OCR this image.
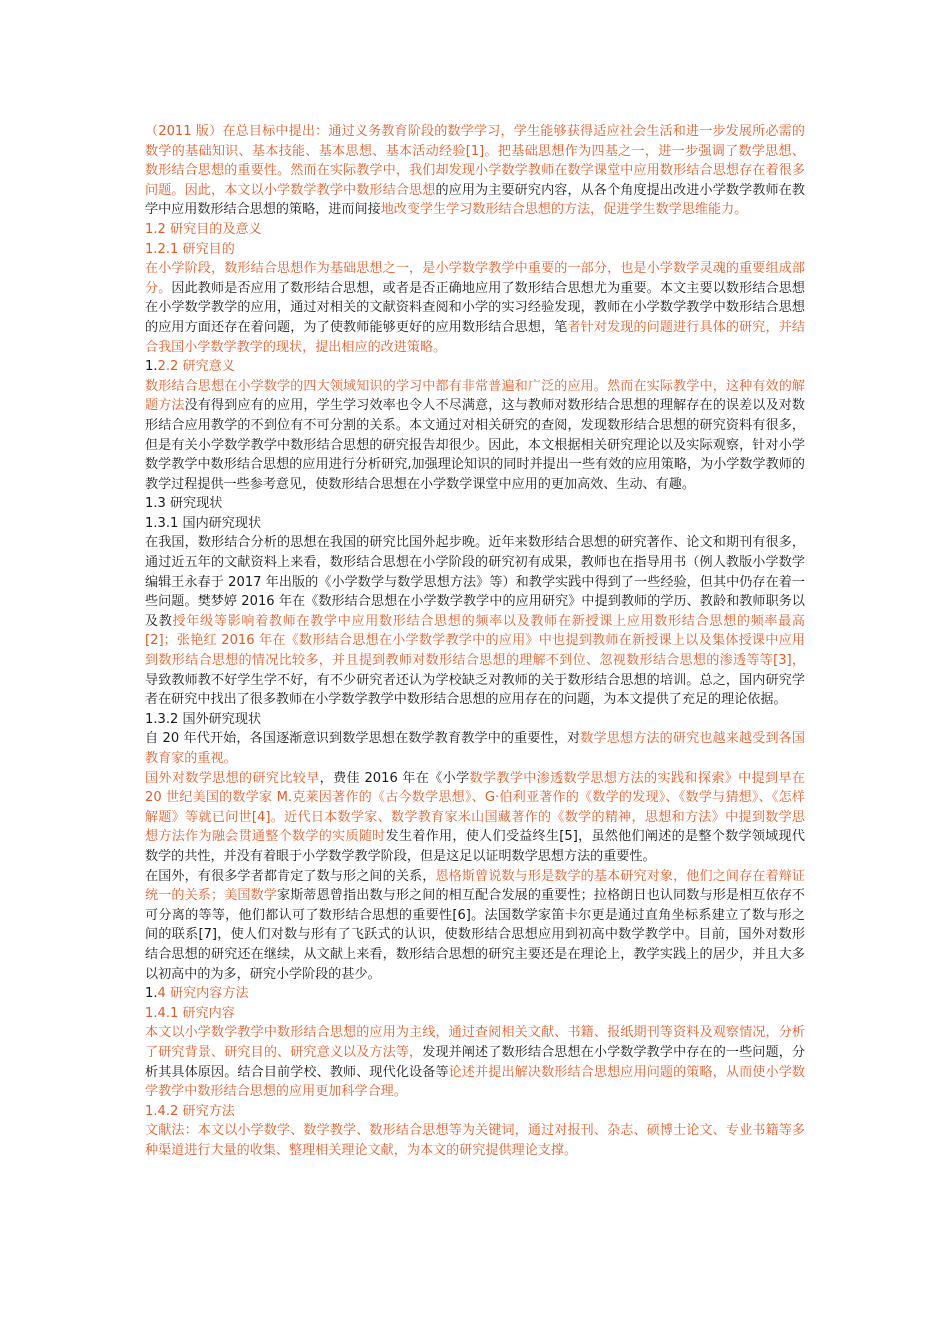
（2011 版）在总目标中提出：通过义务教育阶段的数学学习，学生能够获得适应社会生活和进一步发展所必需的数学的基础知识、基本技能、基本思想、基本活动经验[1]。把基础思想作为四基之一，进一步强调了数学思想、数形结合思想的重要性。然而在实际教学中，我们却发现小学数学教师在数学课堂中应用数形结合思想存在着很多问题。因此，本文以小学数学教学中数形结合思想的应用为主要研究内容，从各个角度提出改进小学数学教师在教学中应用数形结合思想的策略，进而间接地改变学生学习数形结合思想的方法，促进学生数学思维能力。

1.2 研究目的及意义

1.2.1 研究目的

在小学阶段，数形结合思想作为基础思想之一，是小学数学教学中重要的一部分，也是小学数学灵魂的重要组成部分。因此教师是否应用了数形结合思想，或者是否正确地应用了数形结合思想尤为重要。本文主要以数形结合思想在小学数学教学的应用，通过对相关的文献资料查阅和小学的实习经验发现，教师在小学数学教学中数形结合思想的应用方面还存在着问题，为了使教师能够更好的应用数形结合思想，笔者针对发现的问题进行具体的研究，并结合我国小学数学教学的现状，提出相应的改进策略。

1.2.2 研究意义

数形结合思想在小学数学的四大领域知识的学习中都有非常普遍和广泛的应用。然而在实际教学中，这种有效的解题方法没有得到应有的应用，学生学习效率也令人不尽满意，这与教师对数形结合思想的理解存在的误差以及对数形结合应用教学的不到位有不可分割的关系。本文通过对相关研究的查阅，发现数形结合思想的研究资料有很多，但是有关小学数学教学中数形结合思想的研究报告却很少。因此，本文根据相关研究理论以及实际观察，针对小学数学教学中数形结合思想的应用进行分析研究,加强理论知识的同时并提出一些有效的应用策略，为小学数学教师的教学过程提供一些参考意见，使数形结合思想在小学数学课堂中应用的更加高效、生动、有趣。

1.3 研究现状

1.3.1 国内研究现状

在我国，数形结合分析的思想在我国的研究比国外起步晚。近年来数形结合思想的研究著作、论文和期刊有很多，通过近五年的文献资料上来看，数形结合思想在小学阶段的研究初有成果，教师也在指导用书（例人教版小学数学编辑王永春于 2017 年出版的《小学数学与数学思想方法》等）和教学实践中得到了一些经验，但其中仍存在着一些问题。樊梦婷 2016 年在《数形结合思想在小学数学教学中的应用研究》中提到教师的学历、教龄和教师职务以及教授年级等影响着教师在教学中应用数形结合思想的频率以及教师在新授课上应用数形结合思想的频率最高[2]；张艳红 2016 年在《数形结合思想在小学数学教学中的应用》中也提到教师在新授课上以及集体授课中应用到数形结合思想的情况比较多，并且提到教师对数形结合思想的理解不到位、忽视数形结合思想的渗透等等[3]，导致教师教不好学生学不好，有不少研究者还认为学校缺乏对教师的关于数形结合思想的培训。总之，国内研究学者在研究中找出了很多教师在小学数学教学中数形结合思想的应用存在的问题，为本文提供了充足的理论依据。

1.3.2 国外研究现状

自 20 年代开始，各国逐渐意识到数学思想在数学教育教学中的重要性，对数学思想方法的研究也越来越受到各国教育家的重视。

国外对数学思想的研究比较早，费佳 2016 年在《小学数学教学中渗透数学思想方法的实践和探索》中提到早在 20 世纪美国的数学家 M.克莱因著作的《古今数学思想》、G·伯利亚著作的《数学的发现》、《数学与猜想》、《怎样解题》等就已问世[4]。近代日本数学家、数学教育家米山国藏著作的《数学的精神，思想和方法》中提到数学思想方法作为融会贯通整个数学的实质随时发生着作用，使人们受益终生[5]，虽然他们阐述的是整个数学领域现代数学的共性，并没有着眼于小学数学教学阶段，但是这足以证明数学思想方法的重要性。

在国外，有很多学者都肯定了数与形之间的关系，恩格斯曾说数与形是数学的基本研究对象，他们之间存在着辩证统一的关系；美国数学家斯蒂恩曾指出数与形之间的相互配合发展的重要性；拉格朗日也认同数与形是相互依存不可分离的等等，他们都认可了数形结合思想的重要性[6]。法国数学家笛卡尔更是通过直角坐标系建立了数与形之间的联系[7]，使人们对数与形有了飞跃式的认识，使数形结合思想应用到初高中数学教学中。目前，国外对数形结合思想的研究还在继续，从文献上来看，数形结合思想的研究主要还是在理论上，教学实践上的居少，并且大多以初高中的为多，研究小学阶段的甚少。

1.4 研究内容方法

1.4.1 研究内容

本文以小学数学教学中数形结合思想的应用为主线，通过查阅相关文献、书籍、报纸期刊等资料及观察情况，分析了研究背景、研究目的、研究意义以及方法等，发现并阐述了数形结合思想在小学数学教学中存在的一些问题，分析其具体原因。结合目前学校、教师、现代化设备等论述并提出解决数形结合思想应用问题的策略，从而使小学数学教学中数形结合思想的应用更加科学合理。

1.4.2 研究方法

文献法：本文以小学数学、数学教学、数形结合思想等为关键词，通过对报刊、杂志、硕博士论文、专业书籍等多种渠道进行大量的收集、整理相关理论文献，为本文的研究提供理论支撑。
